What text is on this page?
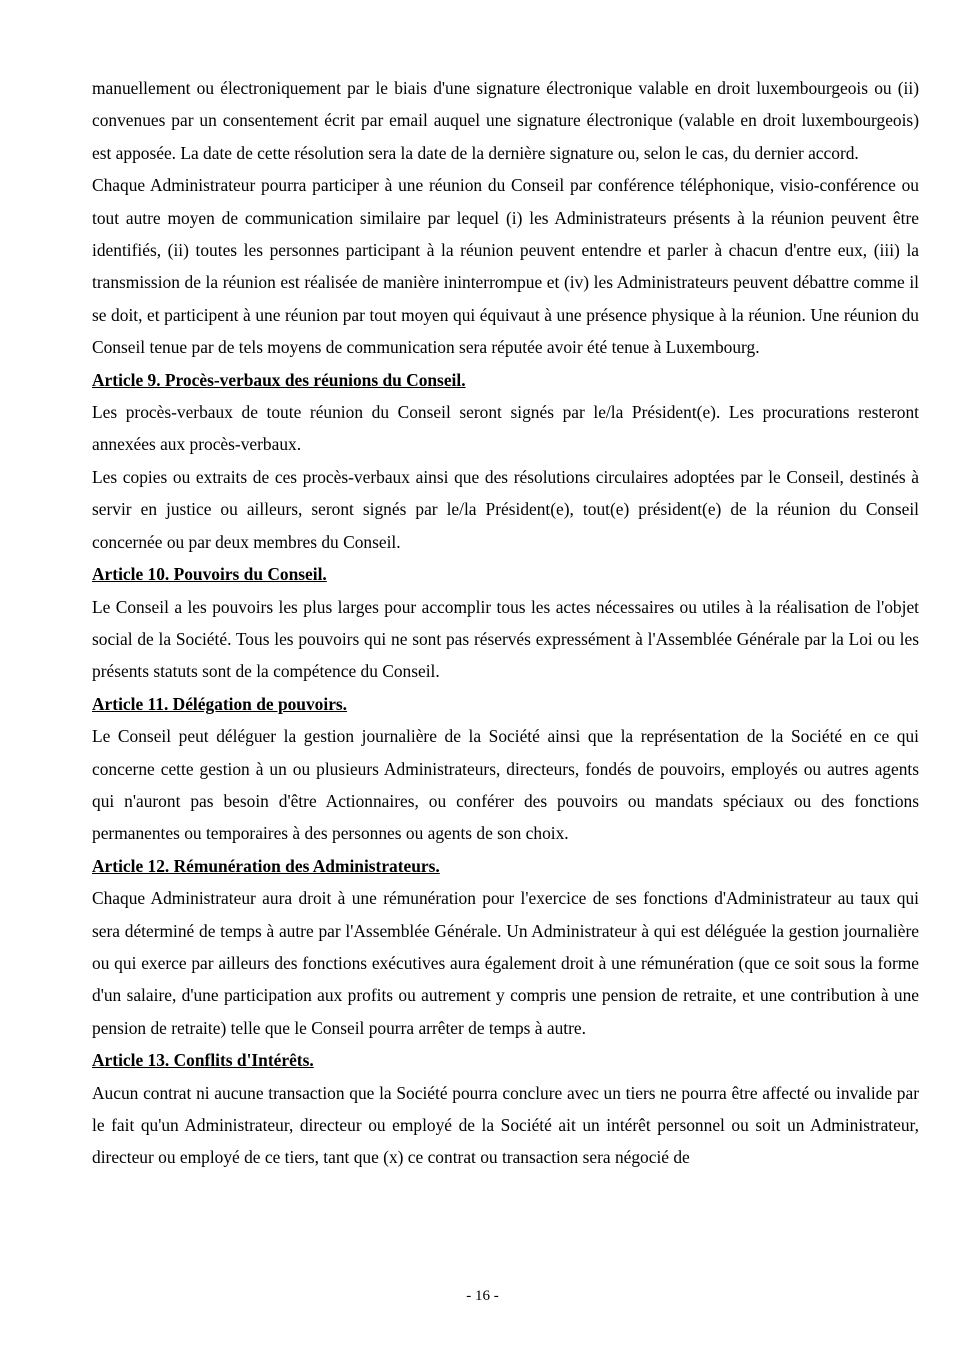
manuellement ou électroniquement par le biais d'une signature électronique valable en droit luxembourgeois ou (ii) convenues par un consentement écrit par email auquel une signature électronique (valable en droit luxembourgeois) est apposée. La date de cette résolution sera la date de la dernière signature ou, selon le cas, du dernier accord.

Chaque Administrateur pourra participer à une réunion du Conseil par conférence téléphonique, visio-conférence ou tout autre moyen de communication similaire par lequel (i) les Administrateurs présents à la réunion peuvent être identifiés, (ii) toutes les personnes participant à la réunion peuvent entendre et parler à chacun d'entre eux, (iii) la transmission de la réunion est réalisée de manière ininterrompue et (iv) les Administrateurs peuvent débattre comme il se doit, et participent à une réunion par tout moyen qui équivaut à une présence physique à la réunion. Une réunion du Conseil tenue par de tels moyens de communication sera réputée avoir été tenue à Luxembourg.

Article 9. Procès-verbaux des réunions du Conseil.

Les procès-verbaux de toute réunion du Conseil seront signés par le/la Président(e). Les procurations resteront annexées aux procès-verbaux.

Les copies ou extraits de ces procès-verbaux ainsi que des résolutions circulaires adoptées par le Conseil, destinés à servir en justice ou ailleurs, seront signés par le/la Président(e), tout(e) président(e) de la réunion du Conseil concernée ou par deux membres du Conseil.

Article 10. Pouvoirs du Conseil.

Le Conseil a les pouvoirs les plus larges pour accomplir tous les actes nécessaires ou utiles à la réalisation de l'objet social de la Société. Tous les pouvoirs qui ne sont pas réservés expressément à l'Assemblée Générale par la Loi ou les présents statuts sont de la compétence du Conseil.

Article 11. Délégation de pouvoirs.

Le Conseil peut déléguer la gestion journalière de la Société ainsi que la représentation de la Société en ce qui concerne cette gestion à un ou plusieurs Administrateurs, directeurs, fondés de pouvoirs, employés ou autres agents qui n'auront pas besoin d'être Actionnaires, ou conférer des pouvoirs ou mandats spéciaux ou des fonctions permanentes ou temporaires à des personnes ou agents de son choix.

Article 12. Rémunération des Administrateurs.

Chaque Administrateur aura droit à une rémunération pour l'exercice de ses fonctions d'Administrateur au taux qui sera déterminé de temps à autre par l'Assemblée Générale. Un Administrateur à qui est déléguée la gestion journalière ou qui exerce par ailleurs des fonctions exécutives aura également droit à une rémunération (que ce soit sous la forme d'un salaire, d'une participation aux profits ou autrement y compris une pension de retraite, et une contribution à une pension de retraite) telle que le Conseil pourra arrêter de temps à autre.

Article 13. Conflits d'Intérêts.

Aucun contrat ni aucune transaction que la Société pourra conclure avec un tiers ne pourra être affecté ou invalide par le fait qu'un Administrateur, directeur ou employé de la Société ait un intérêt personnel ou soit un Administrateur, directeur ou employé de ce tiers, tant que (x) ce contrat ou transaction sera négocié de

- 16 -
